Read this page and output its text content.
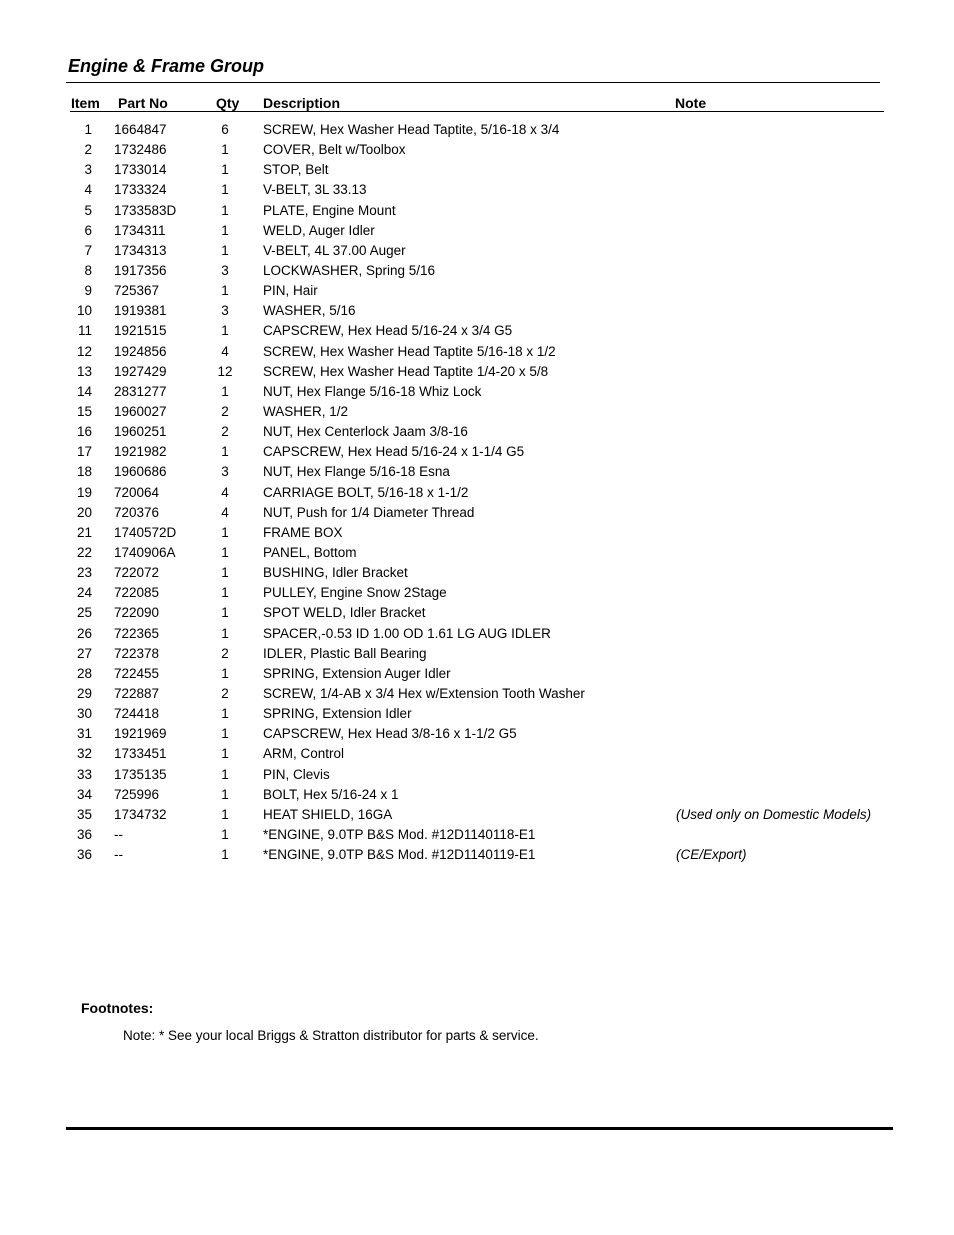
Engine & Frame Group
Item Part No	Qty Description	Note
1 1664847	6	SCREW, Hex Washer Head Taptite, 5/16-18 x 3/4
2 1732486	1	COVER, Belt w/Toolbox
3 1733014	1	STOP, Belt
4 1733324	1	V-BELT, 3L 33.13
5 1733583D	1	PLATE, Engine Mount
6 1734311	1	WELD, Auger Idler
7 1734313	1	V-BELT, 4L 37.00 Auger
8 1917356	3	LOCKWASHER, Spring 5/16
9 725367	1	PIN, Hair
10 1919381	3	WASHER, 5/16
11 1921515	1	CAPSCREW, Hex Head 5/16-24 x 3/4 G5
12 1924856	4	SCREW, Hex Washer Head Taptite 5/16-18 x 1/2
13 1927429	12 SCREW, Hex Washer Head Taptite 1/4-20 x 5/8
14 2831277	1	NUT, Hex Flange 5/16-18 Whiz Lock
15 1960027	2	WASHER, 1/2
16 1960251	2	NUT, Hex Centerlock Jaam 3/8-16
17 1921982	1	CAPSCREW, Hex Head 5/16-24 x 1-1/4 G5
18 1960686	3	NUT, Hex Flange 5/16-18 Esna
19 720064	4	CARRIAGE BOLT, 5/16-18 x 1-1/2
20 720376	4	NUT, Push for 1/4 Diameter Thread
21 1740572D	1	FRAME BOX
22 1740906A	1	PANEL, Bottom
23 722072	1	BUSHING, Idler Bracket
24 722085	1	PULLEY, Engine Snow 2Stage
25 722090	1	SPOT WELD, Idler Bracket
26 722365	1	SPACER,-0.53 ID 1.00 OD 1.61 LG AUG IDLER
27 722378	2	IDLER, Plastic Ball Bearing
28 722455	1	SPRING, Extension Auger Idler
29 722887	2	SCREW, 1/4-AB x 3/4 Hex w/Extension Tooth Washer
30 724418	1	SPRING, Extension Idler
31 1921969	1	CAPSCREW, Hex Head 3/8-16 x 1-1/2 G5
32 1733451	1	ARM, Control
33 1735135	1	PIN, Clevis
34 725996	1	BOLT, Hex 5/16-24 x 1
35 1734732	1	HEAT SHIELD, 16GA	(Used only on Domestic Models)
36 --	1	*ENGINE, 9.0TP B&S Mod. #12D1140118-E1
36 --	1	*ENGINE, 9.0TP B&S Mod. #12D1140119-E1	(CE/Export)
Footnotes:
Note: * See your local Briggs & Stratton distributor for parts & service.
